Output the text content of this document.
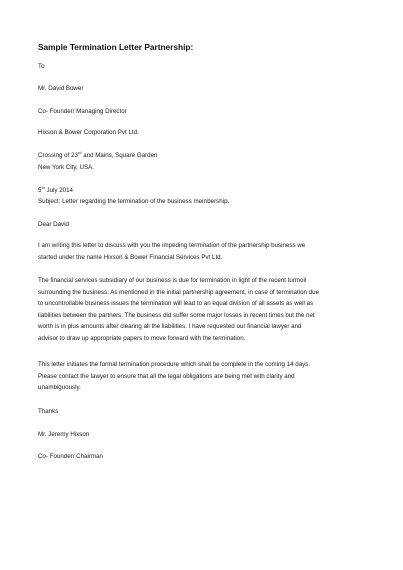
Sample Termination Letter Partnership:
To
Mr. David Bower
Co- Founder/ Managing Director
Hixson & Bower Corporation Pvt Ltd.
Crossing of 23rd and Mains, Square Garden
New York City, USA.
5th July 2014
Subject: Letter regarding the termination of the business membership.
Dear David
I am writing this letter to discuss with you the impeding termination of the partnership business we
started under the name Hixson & Bower Financial Services Pvt Ltd.
The financial services subsidiary of our business is due for termination in light of the recent turmoil
surrounding the business. As mentioned in the initial partnership agreement, in case of termination due
to uncontrollable business issues the termination will lead to an equal division of all assets as well as
liabilities between the partners. The business did suffer some major losses in recent times but the net
worth is in plus amounts after clearing all the liabilities. I have requested our financial lawyer and
advisor to draw up appropriate papers to move forward with the termination.
This letter initiates the formal termination procedure which shall be complete in the coming 14 days.
Please contact the lawyer to ensure that all the legal obligations are being met with clarity and
unambiguously.
Thanks
Mr. Jeremy Hixson
Co- Founder/ Chairman
